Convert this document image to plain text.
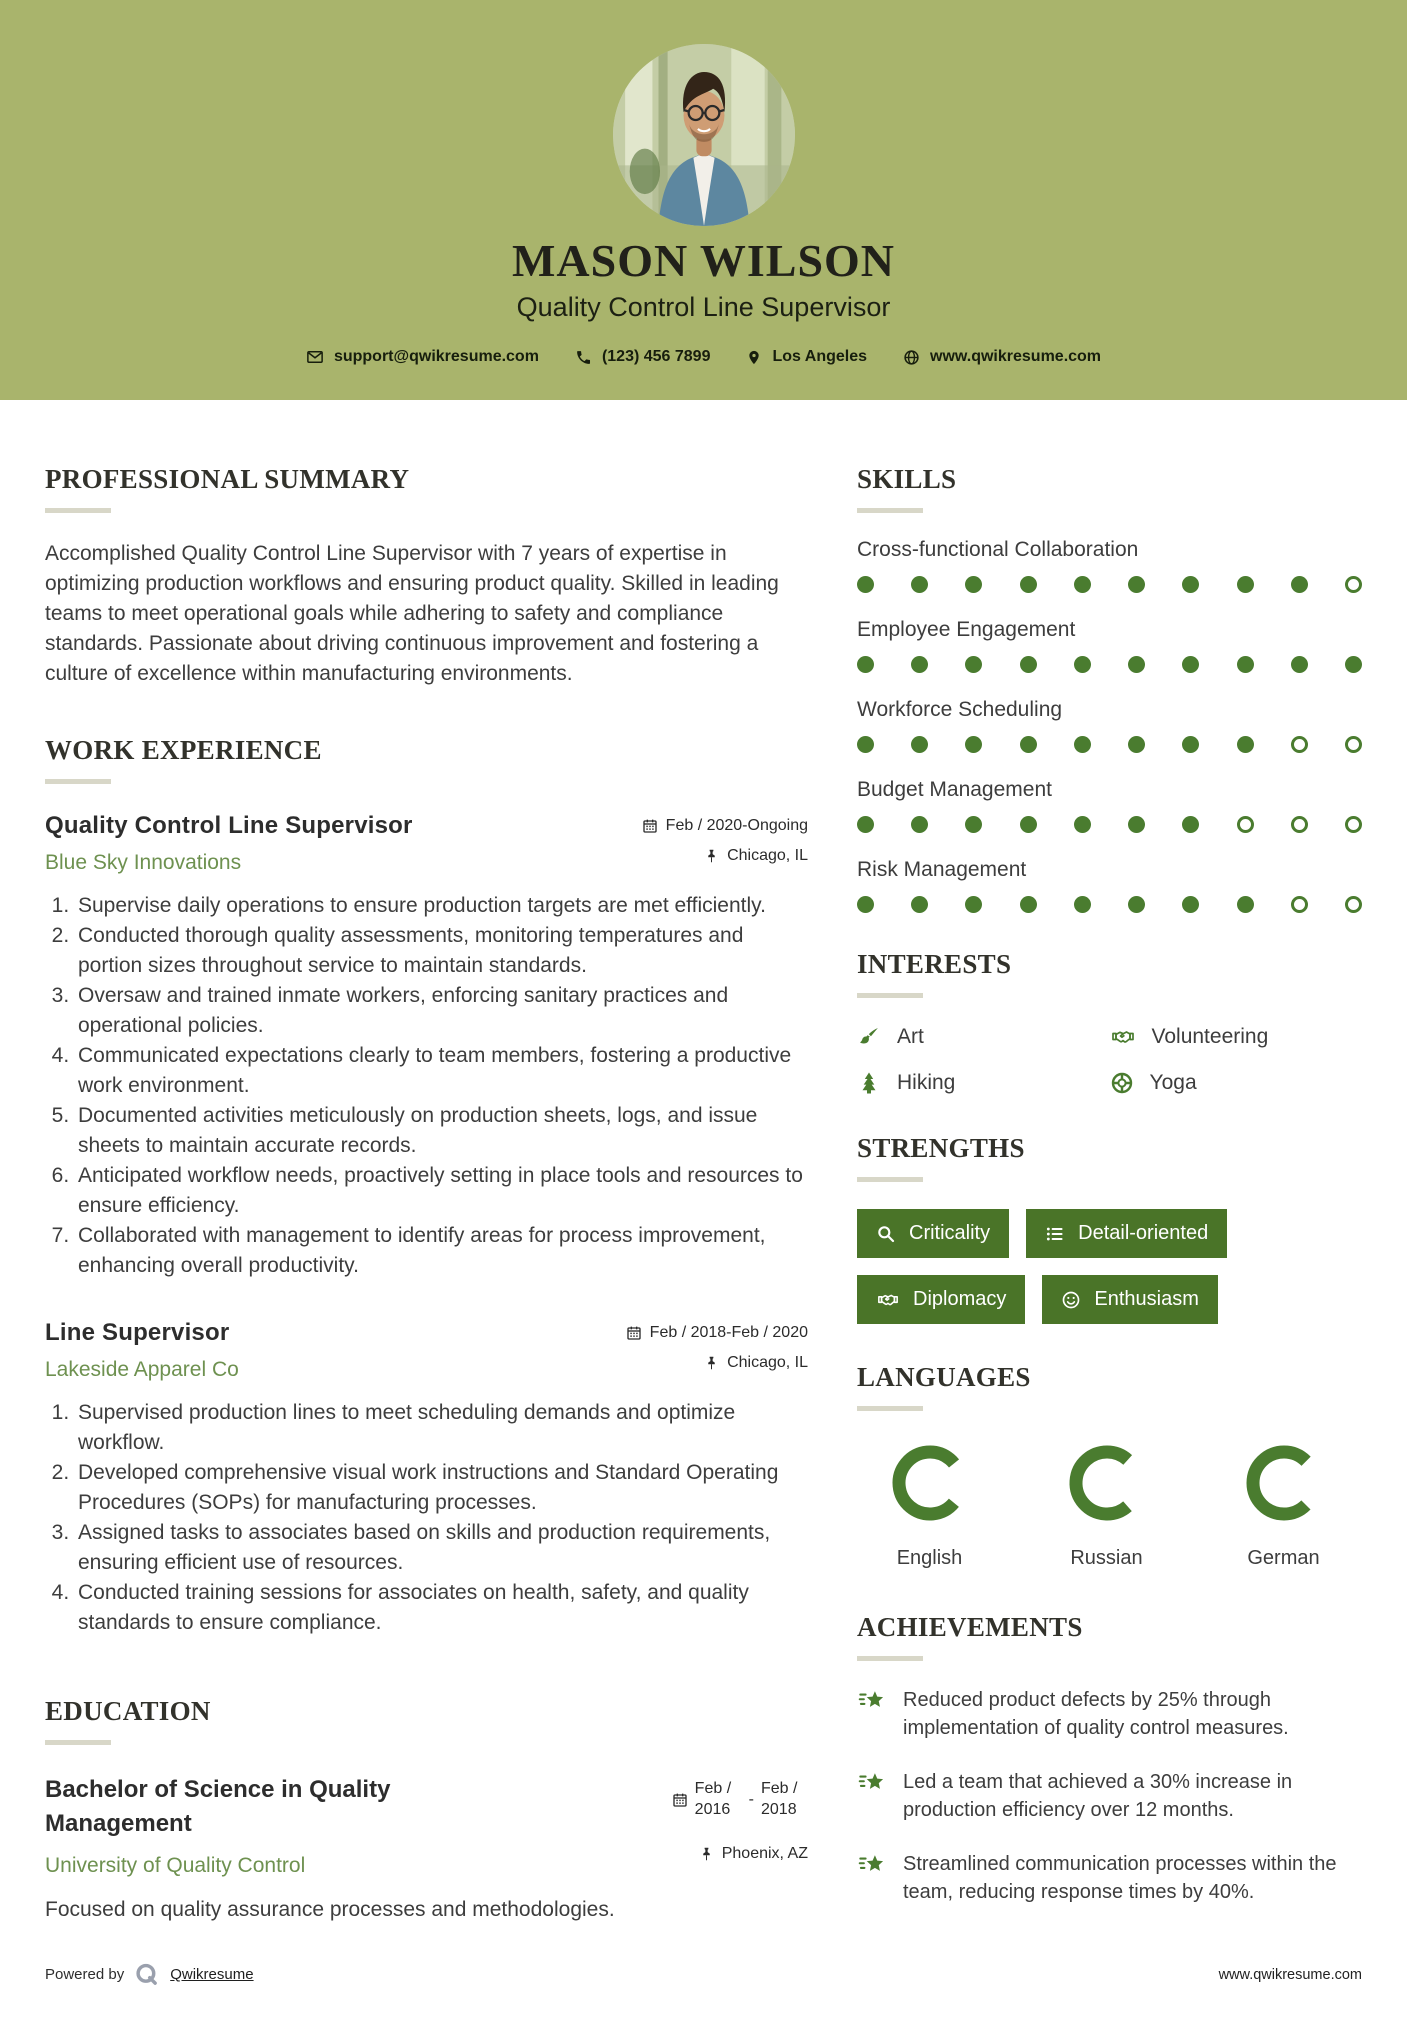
MASON WILSON
Quality Control Line Supervisor
support@qwikresume.com	(123) 456 7899	Los Angeles	www.qwikresume.com
PROFESSIONAL SUMMARY

Accomplished Quality Control Line Supervisor with 7 years of expertise in optimizing production workflows and ensuring product quality. Skilled in leading teams to meet operational goals while adhering to safety and compliance standards. Passionate about driving continuous improvement and fostering a culture of excellence within manufacturing environments.

WORK EXPERIENCE
Quality Control Line Supervisor
Blue Sky Innovations
Feb / 2020-Ongoing
Chicago, IL
1. Supervise daily operations to ensure production targets are met efficiently.
2. Conducted thorough quality assessments, monitoring temperatures and portion sizes throughout service to maintain standards.
3. Oversaw and trained inmate workers, enforcing sanitary practices and operational policies.
4. Communicated expectations clearly to team members, fostering a productive work environment.
5. Documented activities meticulously on production sheets, logs, and issue sheets to maintain accurate records.
6. Anticipated workflow needs, proactively setting in place tools and resources to ensure efficiency.
7. Collaborated with management to identify areas for process improvement, enhancing overall productivity.
Line Supervisor
Lakeside Apparel Co
Feb / 2018-Feb / 2020
Chicago, IL
1. Supervised production lines to meet scheduling demands and optimize workflow.
2. Developed comprehensive visual work instructions and Standard Operating Procedures (SOPs) for manufacturing processes.
3. Assigned tasks to associates based on skills and production requirements, ensuring efficient use of resources.
4. Conducted training sessions for associates on health, safety, and quality standards to ensure compliance.
EDUCATION
Bachelor of Science in Quality Management
University of Quality Control
Feb / 2016
-
Feb / 2018
Phoenix, AZ

Focused on quality assurance processes and methodologies.

SKILLS
Cross-functional Collaboration
Employee Engagement
Workforce Scheduling
Budget Management
Risk Management
INTERESTS
Art	Volunteering
Hiking	Yoga
STRENGTHS
Criticality	Detail-oriented
Diplomacy	Enthusiasm
LANGUAGES
English	Russian	German
ACHIEVEMENTS

Reduced product defects by 25% through implementation of quality control measures.

Led a team that achieved a 30% increase in production efficiency over 12 months.

Streamlined communication processes within the team, reducing response times by 40%.

Powered by	Qwikresume	www.qwikresume.com
